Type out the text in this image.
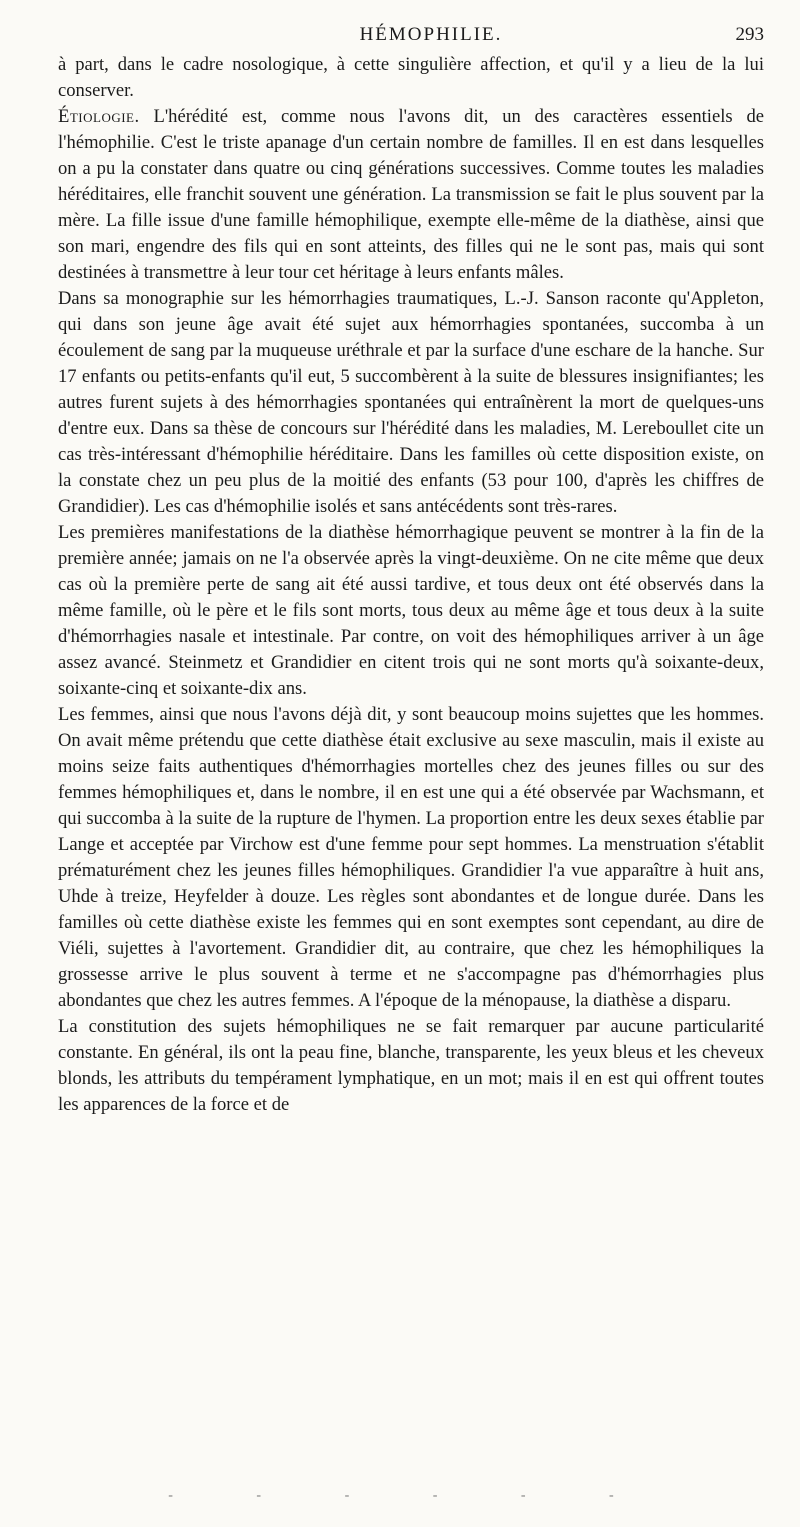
HÉMOPHILIE.	293

à part, dans le cadre nosologique, à cette singulière affection, et qu'il y a lieu de la lui conserver.

Étiologie. L'hérédité est, comme nous l'avons dit, un des caractères essentiels de l'hémophilie. C'est le triste apanage d'un certain nombre de familles. Il en est dans lesquelles on a pu la constater dans quatre ou cinq générations successives. Comme toutes les maladies héréditaires, elle franchit souvent une génération. La transmission se fait le plus souvent par la mère. La fille issue d'une famille hémophilique, exempte elle-même de la diathèse, ainsi que son mari, engendre des fils qui en sont atteints, des filles qui ne le sont pas, mais qui sont destinées à transmettre à leur tour cet héritage à leurs enfants mâles.

Dans sa monographie sur les hémorrhagies traumatiques, L.-J. Sanson raconte qu'Appleton, qui dans son jeune âge avait été sujet aux hémorrhagies spontanées, succomba à un écoulement de sang par la muqueuse uréthrale et par la surface d'une eschare de la hanche. Sur 17 enfants ou petits-enfants qu'il eut, 5 succombèrent à la suite de blessures insignifiantes; les autres furent sujets à des hémorrhagies spontanées qui entraînèrent la mort de quelques-uns d'entre eux. Dans sa thèse de concours sur l'hérédité dans les maladies, M. Lereboullet cite un cas très-intéressant d'hémophilie héréditaire. Dans les familles où cette disposition existe, on la constate chez un peu plus de la moitié des enfants (53 pour 100, d'après les chiffres de Grandidier). Les cas d'hémophilie isolés et sans antécédents sont très-rares.

Les premières manifestations de la diathèse hémorrhagique peuvent se montrer à la fin de la première année; jamais on ne l'a observée après la vingt-deuxième. On ne cite même que deux cas où la première perte de sang ait été aussi tardive, et tous deux ont été observés dans la même famille, où le père et le fils sont morts, tous deux au même âge et tous deux à la suite d'hémorrhagies nasale et intestinale. Par contre, on voit des hémophiliques arriver à un âge assez avancé. Steinmetz et Grandidier en citent trois qui ne sont morts qu'à soixante-deux, soixante-cinq et soixante-dix ans.

Les femmes, ainsi que nous l'avons déjà dit, y sont beaucoup moins sujettes que les hommes. On avait même prétendu que cette diathèse était exclusive au sexe masculin, mais il existe au moins seize faits authentiques d'hémorrhagies mortelles chez des jeunes filles ou sur des femmes hémophiliques et, dans le nombre, il en est une qui a été observée par Wachsmann, et qui succomba à la suite de la rupture de l'hymen. La proportion entre les deux sexes établie par Lange et acceptée par Virchow est d'une femme pour sept hommes. La menstruation s'établit prématurément chez les jeunes filles hémophiliques. Grandidier l'a vue apparaître à huit ans, Uhde à treize, Heyfelder à douze. Les règles sont abondantes et de longue durée. Dans les familles où cette diathèse existe les femmes qui en sont exemptes sont cependant, au dire de Viéli, sujettes à l'avortement. Grandidier dit, au contraire, que chez les hémophiliques la grossesse arrive le plus souvent à terme et ne s'accompagne pas d'hémorrhagies plus abondantes que chez les autres femmes. A l'époque de la ménopause, la diathèse a disparu.

La constitution des sujets hémophiliques ne se fait remarquer par aucune particularité constante. En général, ils ont la peau fine, blanche, transparente, les yeux bleus et les cheveux blonds, les attributs du tempérament lymphatique, en un mot; mais il en est qui offrent toutes les apparences de la force et de

- - - - - -
